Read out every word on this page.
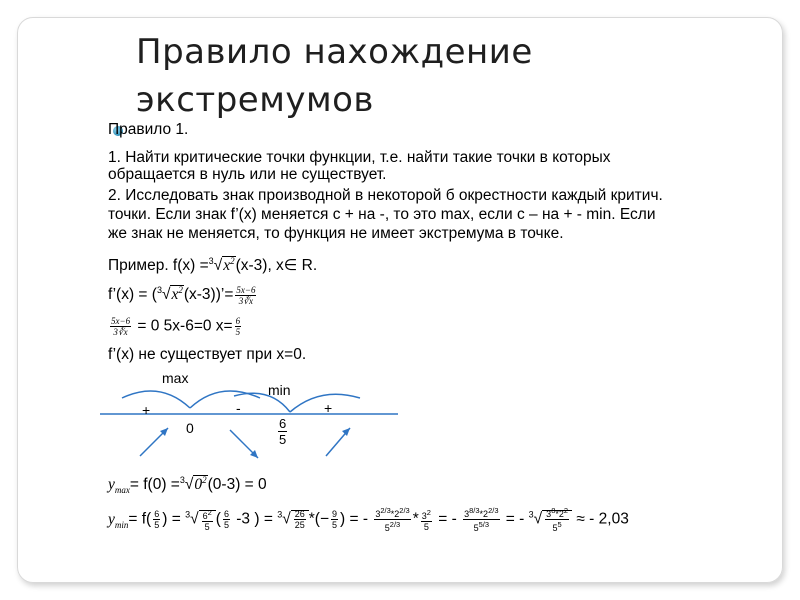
Правило нахождение
экстремумов
Правило 1.
1. Найти критические точки функции, т.е. найти такие точки в которых
обращается в нуль или не существует.
2. Исследовать знак производной в некоторой б окрестности каждый критич.
точки. Если знак f’(x) меняется с + на -, то это max, если с – на + - min. Если
же знак не меняется, то функция не имеет экстремума в точке.
Пример. $f(x) =^3√x^2(x-3)$, x∈ R.
f’(x) = $(^3√x^2(x-3))’= \frac{5x-6}{3∛x}$
$\frac{5x-6}{3∛x} = 0$ 5x-6=0 $x= \frac{6}{5}$
f’(x) не существует при x=0.
max
min
+	-	+
0	$\frac{6}{5}$
$y_{max}= f(0) =^3√0^2(0-3) = 0$
$y_{min}= f( \frac{6}{5}$ ) = $^3√ \frac{6^2}{5}$ ( $\frac{6}{5} -3$ ) = $^3√ \frac{26}{25}$ *(− $\frac{9}{5}$ ) = - $\frac{3^{2/3}*2^{2/3}}{5^{2/3}} * \frac{3^2}{5}$ = - $\frac{3^{8/3}*2^{2/3}}{5^{5/3}}$ = - $^3√ \frac{3^8*2^2}{5^5}$ ≈ - 2,03
